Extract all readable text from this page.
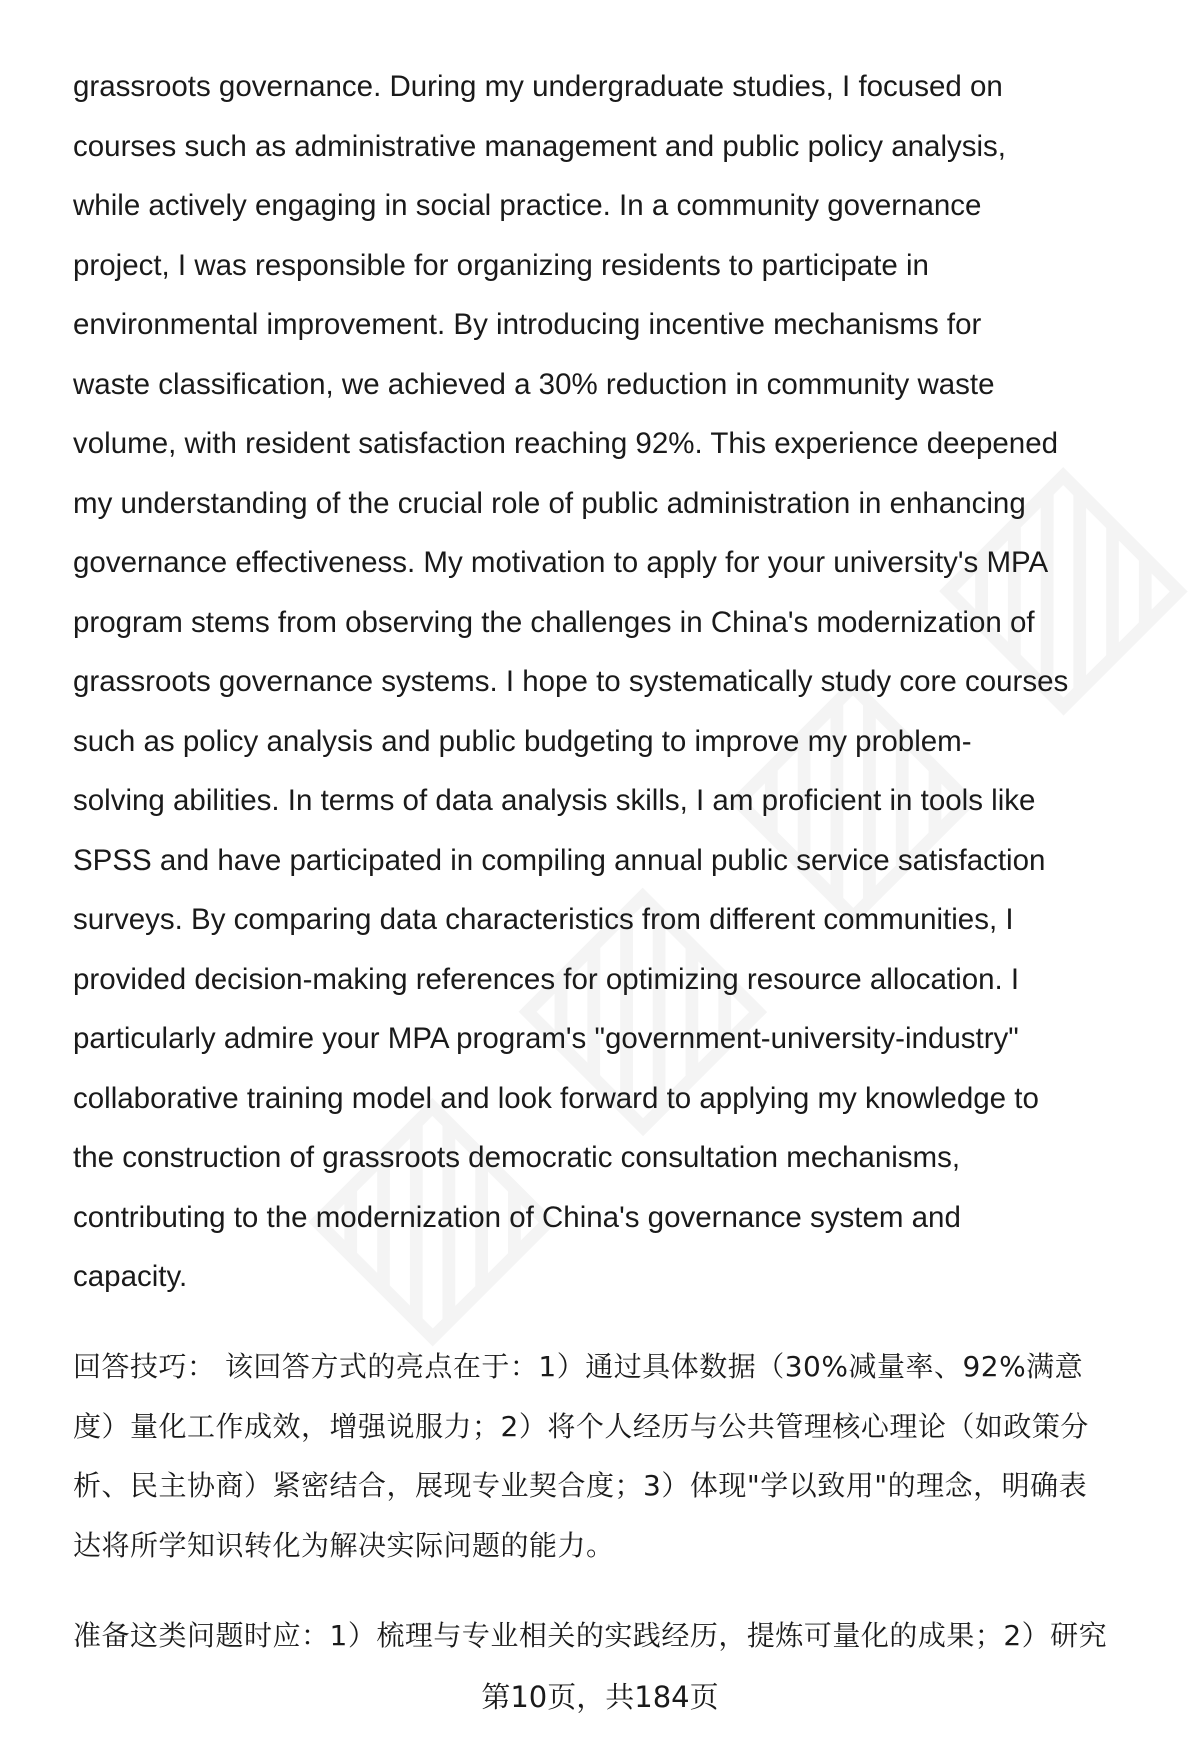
grassroots governance. During my undergraduate studies, I focused on
courses such as administrative management and public policy analysis,
while actively engaging in social practice. In a community governance
project, I was responsible for organizing residents to participate in
environmental improvement. By introducing incentive mechanisms for
waste classification, we achieved a 30% reduction in community waste
volume, with resident satisfaction reaching 92%. This experience deepened
my understanding of the crucial role of public administration in enhancing
governance effectiveness. My motivation to apply for your university's MPA
program stems from observing the challenges in China's modernization of
grassroots governance systems. I hope to systematically study core courses
such as policy analysis and public budgeting to improve my problem-
solving abilities. In terms of data analysis skills, I am proficient in tools like
SPSS and have participated in compiling annual public service satisfaction
surveys. By comparing data characteristics from different communities, I
provided decision-making references for optimizing resource allocation. I
particularly admire your MPA program's "government-university-industry"
collaborative training model and look forward to applying my knowledge to
the construction of grassroots democratic consultation mechanisms,
contributing to the modernization of China's governance system and
capacity.
回答技巧： 该回答方式的亮点在于：1）通过具体数据（30%减量率、92%满意
度）量化工作成效，增强说服力；2）将个人经历与公共管理核心理论（如政策分
析、民主协商）紧密结合，展现专业契合度；3）体现"学以致用"的理念，明确表
达将所学知识转化为解决实际问题的能力。
准备这类问题时应：1）梳理与专业相关的实践经历，提炼可量化的成果；2）研究
第10页，共184页
